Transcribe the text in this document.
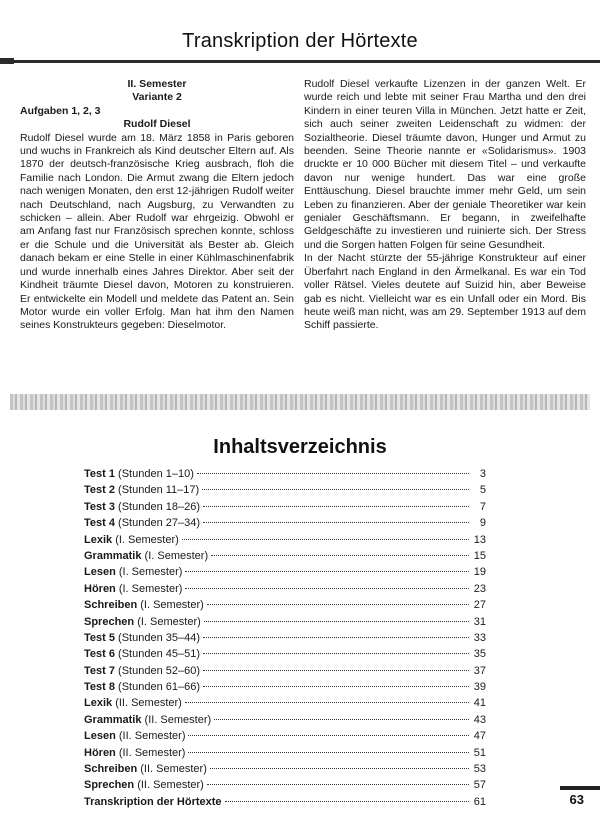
Transkription der Hörtexte
II. Semester
Variante 2
Aufgaben 1, 2, 3
Rudolf Diesel

Rudolf Diesel wurde am 18. März 1858 in Paris geboren und wuchs in Frankreich als Kind deutscher Eltern auf. Als 1870 der deutsch-französische Krieg ausbrach, floh die Familie nach London. Die Armut zwang die Eltern jedoch nach wenigen Monaten, den erst 12-jährigen Rudolf weiter nach Deutschland, nach Augsburg, zu Verwandten zu schicken – allein. Aber Rudolf war ehrgeizig. Obwohl er am Anfang fast nur Französisch sprechen konnte, schloss er die Schule und die Universität als Bester ab. Gleich danach bekam er eine Stelle in einer Kühlmaschinenfabrik und wurde innerhalb eines Jahres Direktor. Aber seit der Kindheit träumte Diesel davon, Motoren zu konstruieren. Er entwickelte ein Modell und meldete das Patent an. Sein Motor wurde ein voller Erfolg. Man hat ihm den Namen seines Konstrukteurs gegeben: Dieselmotor.

Rudolf Diesel verkaufte Lizenzen in der ganzen Welt. Er wurde reich und lebte mit seiner Frau Martha und den drei Kindern in einer teuren Villa in München. Jetzt hatte er Zeit, sich auch seiner zweiten Leidenschaft zu widmen: der Sozialtheorie. Diesel träumte davon, Hunger und Armut zu beenden. Seine Theorie nannte er «Solidarismus». 1903 druckte er 10 000 Bücher mit diesem Titel – und verkaufte davon nur wenige hundert. Das war eine große Enttäuschung. Diesel brauchte immer mehr Geld, um sein Leben zu finanzieren. Aber der geniale Theoretiker war kein genialer Geschäftsmann. Er begann, in zweifelhafte Geldgeschäfte zu investieren und ruinierte sich. Der Stress und die Sorgen hatten Folgen für seine Gesundheit.

In der Nacht stürzte der 55-jährige Konstrukteur auf einer Überfahrt nach England in den Ärmelkanal. Es war ein Tod voller Rätsel. Vieles deutete auf Suizid hin, aber Beweise gab es nicht. Vielleicht war es ein Unfall oder ein Mord. Bis heute weiß man nicht, was am 29. September 1913 auf dem Schiff passierte.

Inhaltsverzeichnis
Test 1 (Stunden 1–10)	3
Test 2 (Stunden 11–17)	5
Test 3 (Stunden 18–26)	7
Test 4 (Stunden 27–34)	9
Lexik (I. Semester)	13
Grammatik (I. Semester)	15
Lesen (I. Semester)	19
Hören (I. Semester)	23
Schreiben (I. Semester)	27
Sprechen (I. Semester)	31
Test 5 (Stunden 35–44)	33
Test 6 (Stunden 45–51)	35
Test 7 (Stunden 52–60)	37
Test 8 (Stunden 61–66)	39
Lexik (II. Semester)	41
Grammatik (II. Semester)	43
Lesen (II. Semester)	47
Hören (II. Semester)	51
Schreiben (II. Semester)	53
Sprechen (II. Semester)	57
Transkription der Hörtexte	61	63
